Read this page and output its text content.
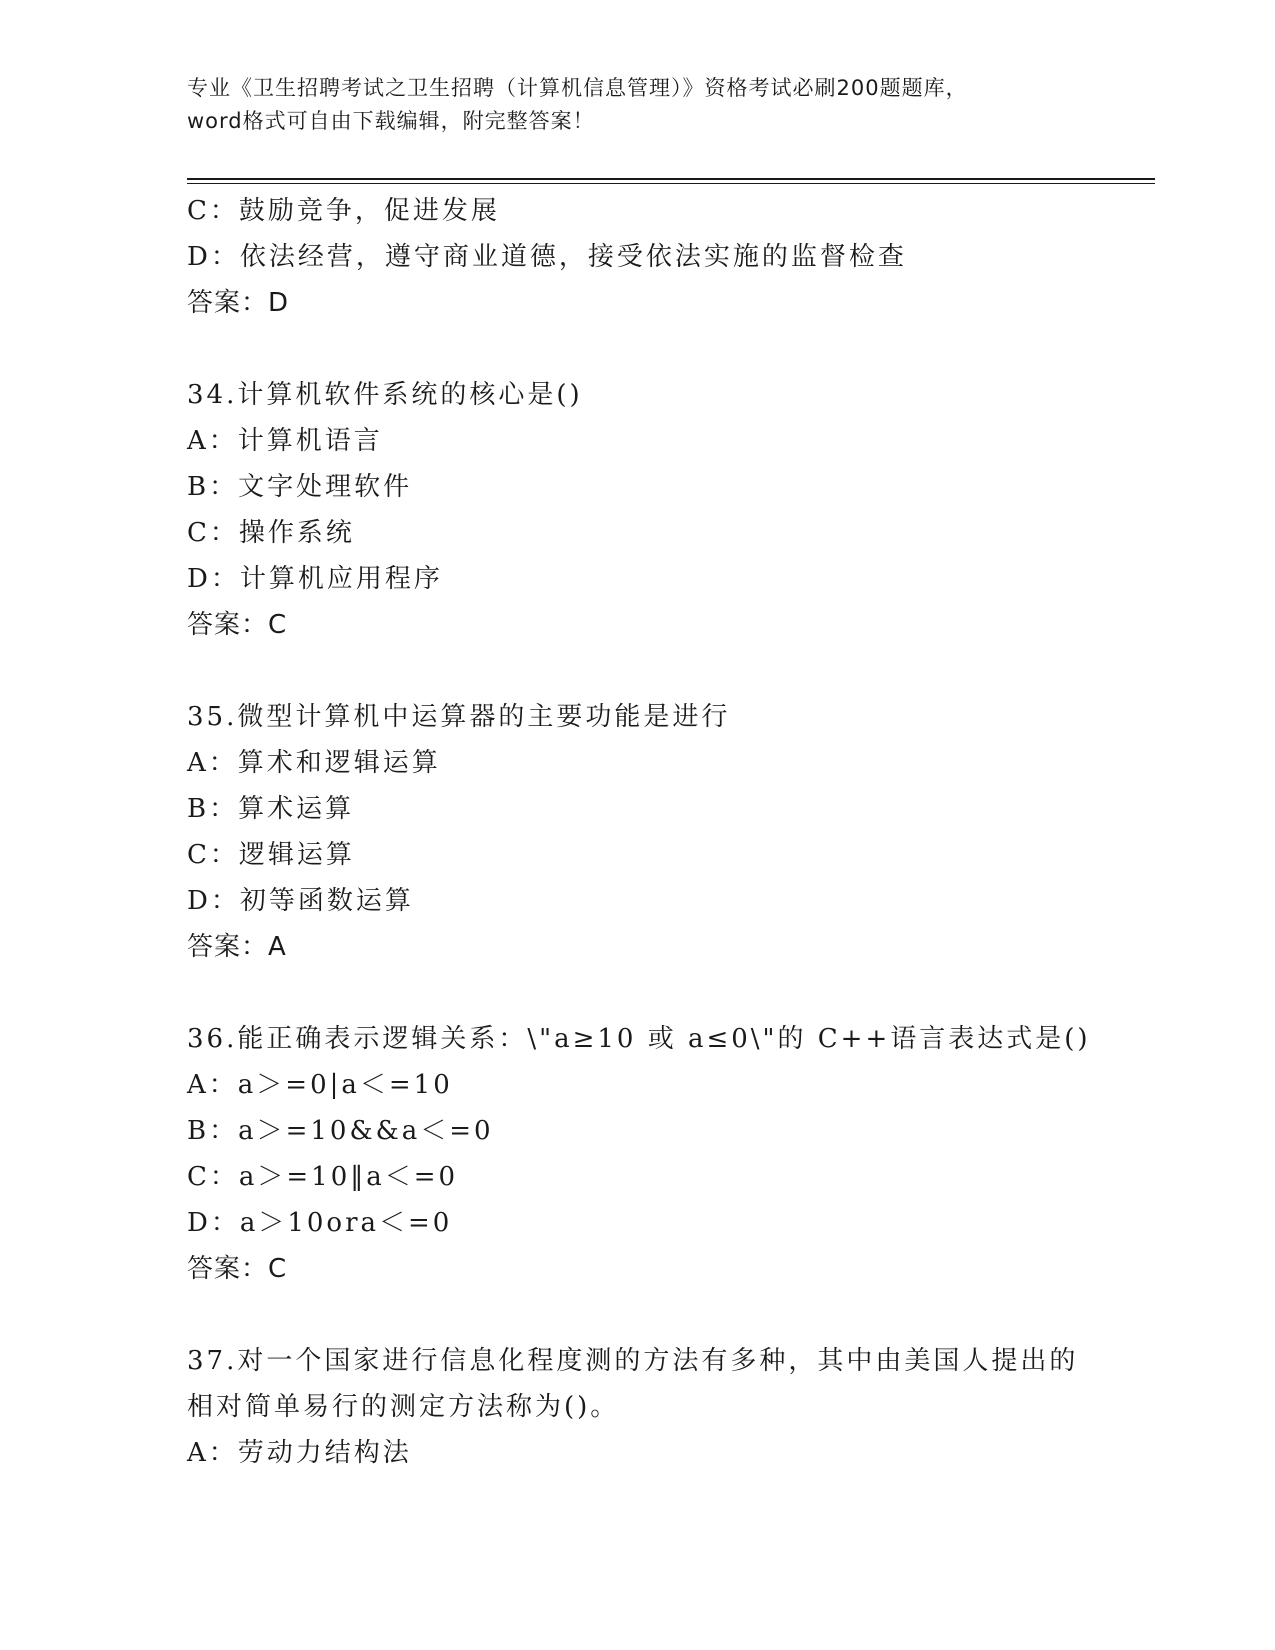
专业《卫生招聘考试之卫生招聘（计算机信息管理）》资格考试必刷200题题库，
word格式可自由下载编辑，附完整答案！
C：鼓励竞争，促进发展
D：依法经营，遵守商业道德，接受依法实施的监督检查
答案：D
34.计算机软件系统的核心是()
A：计算机语言
B：文字处理软件
C：操作系统
D：计算机应用程序
答案：C
35.微型计算机中运算器的主要功能是进行
A：算术和逻辑运算
B：算术运算
C：逻辑运算
D：初等函数运算
答案：A
36.能正确表示逻辑关系：\"a≥10 或 a≤0\"的 C++语言表达式是()
A：a＞=0|a＜=10
B：a＞=10&&a＜=0
C：a＞=10‖a＜=0
D：a＞10ora＜=0
答案：C
37.对一个国家进行信息化程度测的方法有多种，其中由美国人提出的
相对简单易行的测定方法称为()。
A：劳动力结构法
